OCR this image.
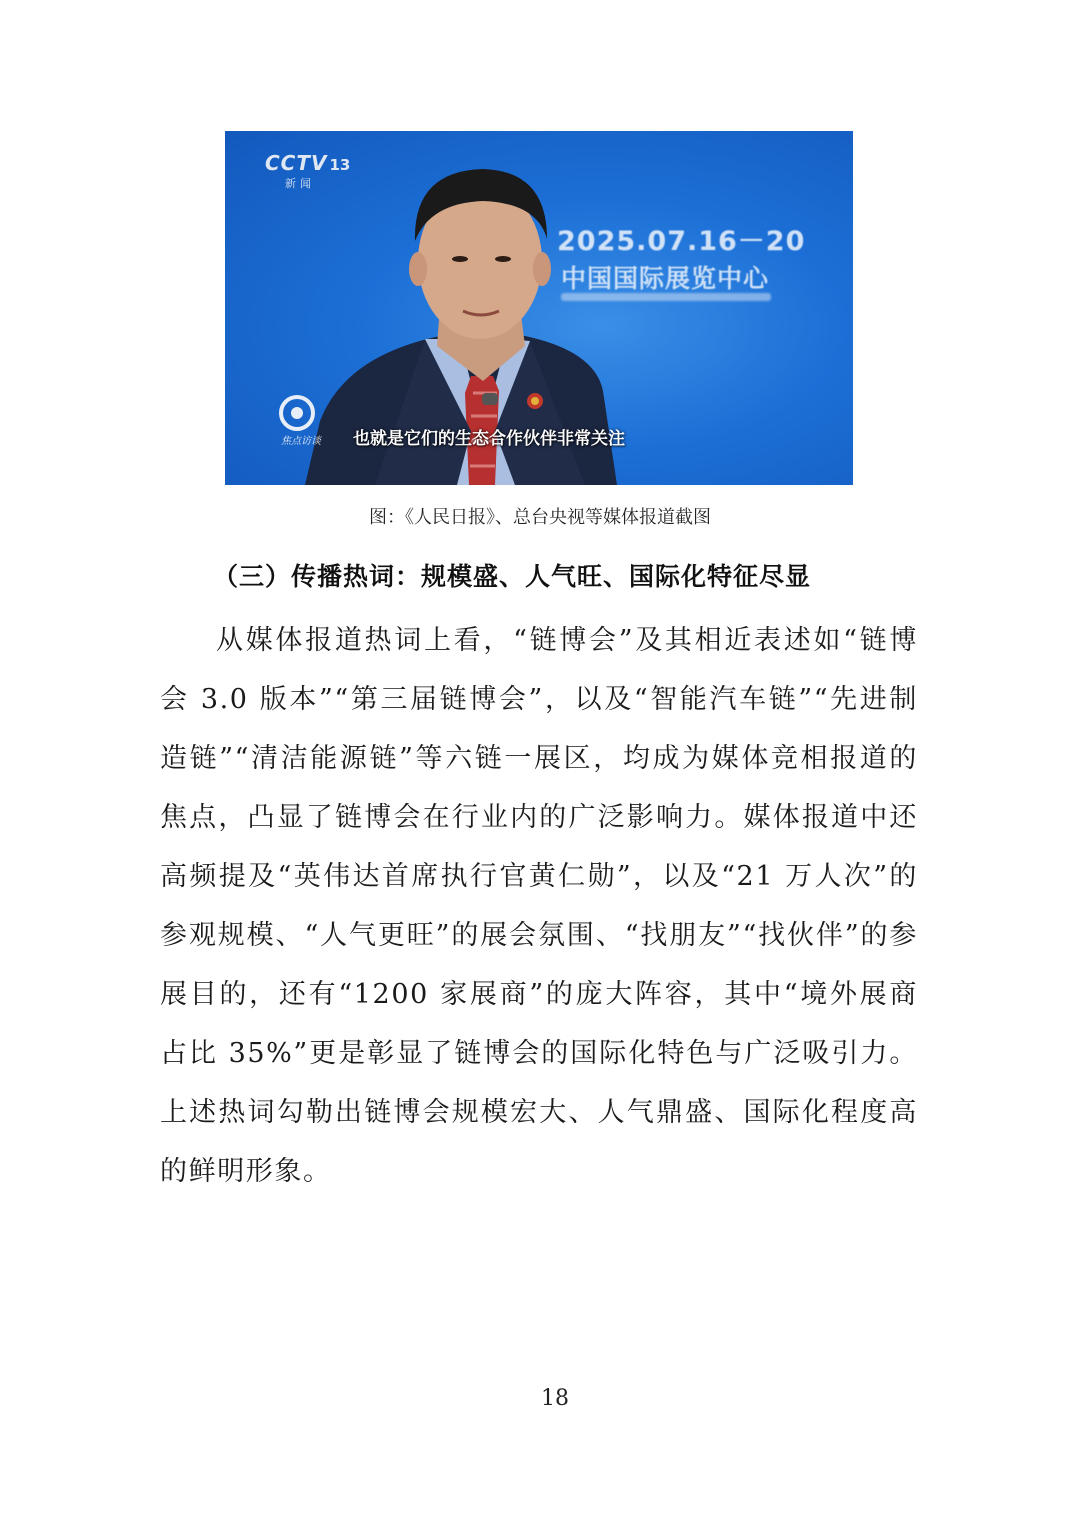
CCTV 13
新闻
2025.07.16－20
中国国际展览中心
焦点访谈 也就是它们的生态合作伙伴非常关注
图：《人民日报》、总台央视等媒体报道截图
（三）传播热词：规模盛、人气旺、国际化特征尽显
从媒体报道热词上看，“链博会”及其相近表述如“链博会 3.0 版本”“第三届链博会”，以及“智能汽车链”“先进制造链”“清洁能源链”等六链一展区，均成为媒体竞相报道的焦点，凸显了链博会在行业内的广泛影响力。媒体报道中还高频提及“英伟达首席执行官黄仁勋”，以及“21 万人次”的参观规模、“人气更旺”的展会氛围、“找朋友”“找伙伴”的参展目的，还有“1200 家展商”的庞大阵容，其中“境外展商占比 35%”更是彰显了链博会的国际化特色与广泛吸引力。上述热词勾勒出链博会规模宏大、人气鼎盛、国际化程度高的鲜明形象。
18
